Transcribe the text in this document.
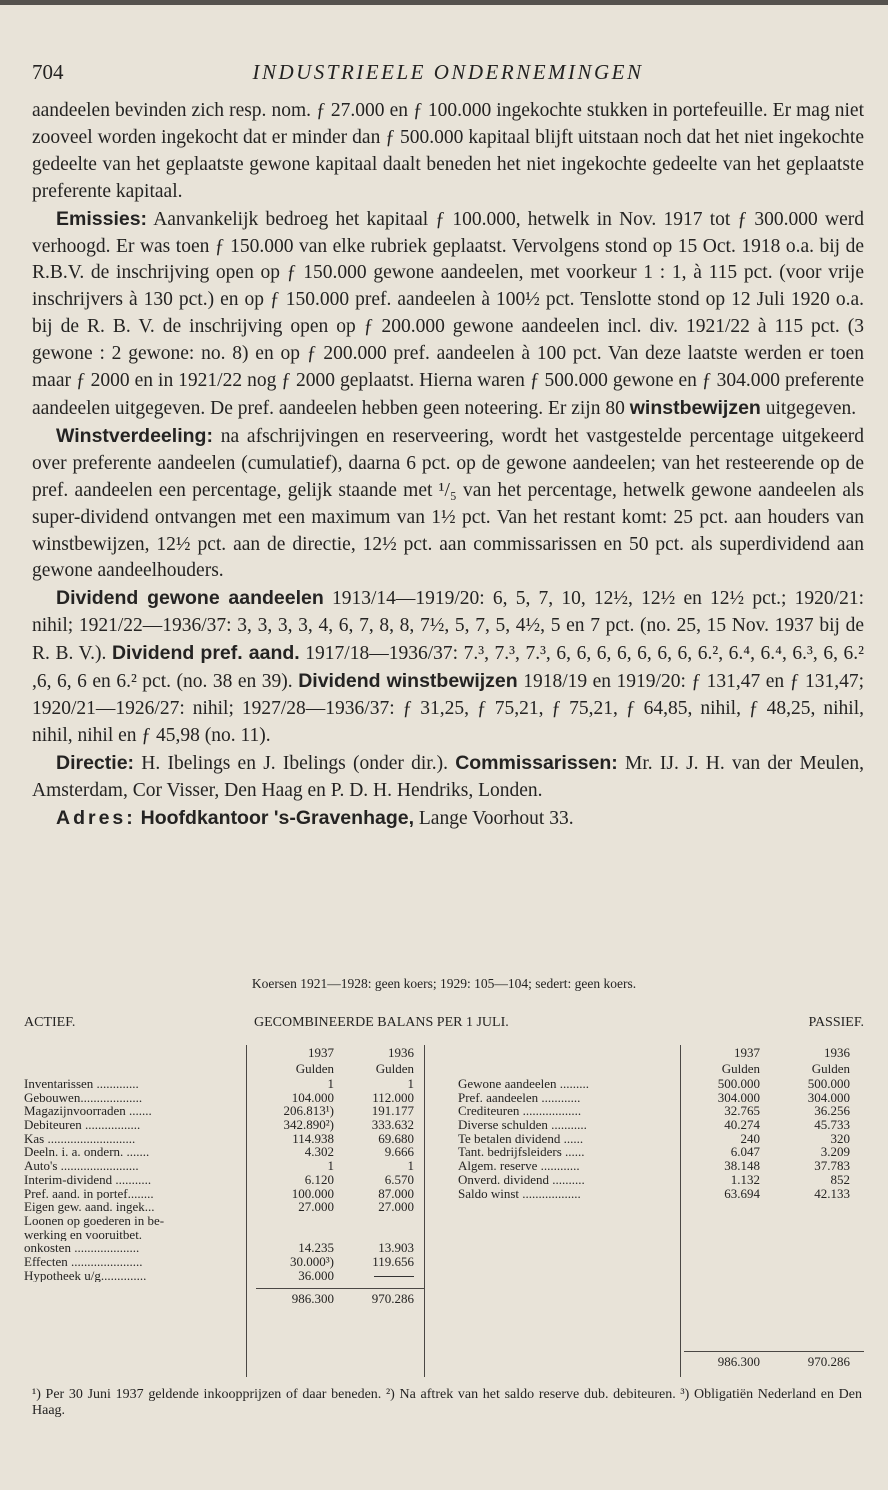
704	INDUSTRIEELE ONDERNEMINGEN

aandeelen bevinden zich resp. nom. ƒ 27.000 en ƒ 100.000 ingekochte stukken in portefeuille. Er mag niet zooveel worden ingekocht dat er minder dan ƒ 500.000 kapitaal blijft uitstaan noch dat het niet ingekochte gedeelte van het geplaatste gewone kapitaal daalt beneden het niet ingekochte gedeelte van het geplaatste preferente kapitaal.

Emissies: Aanvankelijk bedroeg het kapitaal ƒ 100.000, hetwelk in Nov. 1917 tot ƒ 300.000 werd verhoogd. Er was toen ƒ 150.000 van elke rubriek geplaatst. Vervolgens stond op 15 Oct. 1918 o.a. bij de R.B.V. de inschrijving open op ƒ 150.000 gewone aandeelen, met voorkeur 1 : 1, à 115 pct. (voor vrije inschrijvers à 130 pct.) en op ƒ 150.000 pref. aandeelen à 100½ pct. Tenslotte stond op 12 Juli 1920 o.a. bij de R. B. V. de inschrijving open op ƒ 200.000 gewone aandeelen incl. div. 1921/22 à 115 pct. (3 gewone : 2 gewone: no. 8) en op ƒ 200.000 pref. aandeelen à 100 pct. Van deze laatste werden er toen maar ƒ 2000 en in 1921/22 nog ƒ 2000 geplaatst. Hierna waren ƒ 500.000 gewone en ƒ 304.000 preferente aandeelen uitgegeven. De pref. aandeelen hebben geen noteering. Er zijn 80 winstbewijzen uitgegeven.

Winstverdeeling: na afschrijvingen en reserveering, wordt het vastgestelde percentage uitgekeerd over preferente aandeelen (cumulatief), daarna 6 pct. op de gewone aandeelen; van het resteerende op de pref. aandeelen een percentage, gelijk staande met ¹/₅ van het percentage, hetwelk gewone aandeelen als super-dividend ontvangen met een maximum van 1½ pct. Van het restant komt: 25 pct. aan houders van winstbewijzen, 12½ pct. aan de directie, 12½ pct. aan commissarissen en 50 pct. als superdividend aan gewone aandeelhouders.

Dividend gewone aandeelen 1913/14—1919/20: 6, 5, 7, 10, 12½, 12½ en 12½ pct.; 1920/21: nihil; 1921/22—1936/37: 3, 3, 3, 3, 4, 6, 7, 8, 8, 7½, 5, 7, 5, 4½, 5 en 7 pct. (no. 25, 15 Nov. 1937 bij de R. B. V.). Dividend pref. aand. 1917/18—1936/37: 7.³, 7.³, 7.³, 6, 6, 6, 6, 6, 6, 6, 6.², 6.⁴, 6.⁴, 6.³, 6, 6.² ,6, 6, 6 en 6.² pct. (no. 38 en 39). Dividend winstbewijzen 1918/19 en 1919/20: ƒ 131,47 en ƒ 131,47; 1920/21—1926/27: nihil; 1927/28—1936/37: ƒ 31,25, ƒ 75,21, ƒ 75,21, ƒ 64,85, nihil, ƒ 48,25, nihil, nihil, nihil en ƒ 45,98 (no. 11).

Directie: H. Ibelings en J. Ibelings (onder dir.). Commissarissen: Mr. IJ. J. H. van der Meulen, Amsterdam, Cor Visser, Den Haag en P. D. H. Hendriks, Londen.

Adres: Hoofdkantoor 's-Gravenhage, Lange Voorhout 33.

Koersen 1921—1928: geen koers; 1929: 105—104; sedert: geen koers.
ACTIEF.	GECOMBINEERDE BALANS PER 1 JULI.	PASSIEF.
1937	1936
Gulden	Gulden
Inventarissen .............	1	1
Gebouwen...................	104.000	112.000
Magazijnvoorraden .......	206.813¹)	191.177
Debiteuren .................	342.890²)	333.632
Kas ...........................	114.938	69.680
Deeln. i. a. ondern. .......	4.302	9.666
Auto's ........................	1	1
Interim-dividend ...........	6.120	6.570
Pref. aand. in portef........	100.000	87.000
Eigen gew. aand. ingek...	27.000	27.000
Loonen op goederen in be-
werking en vooruitbet.
onkosten ....................	14.235	13.903
Effecten ......................	30.000³)	119.656
Hypotheek u/g..............	36.000
986.300	970.286
1937	1936
Gulden	Gulden
Gewone aandeelen .........	500.000	500.000
Pref. aandeelen ............	304.000	304.000
Crediteuren ..................	32.765	36.256
Diverse schulden ...........	40.274	45.733
Te betalen dividend ......	240	320
Tant. bedrijfsleiders ......	6.047	3.209
Algem. reserve ............	38.148	37.783
Onverd. dividend ..........	1.132	852
Saldo winst ..................	63.694	42.133
986.300	970.286
¹) Per 30 Juni 1937 geldende inkoopprijzen of daar beneden. ²) Na aftrek van het saldo reserve dub. debiteuren. ³) Obligatiën Nederland en Den Haag.
